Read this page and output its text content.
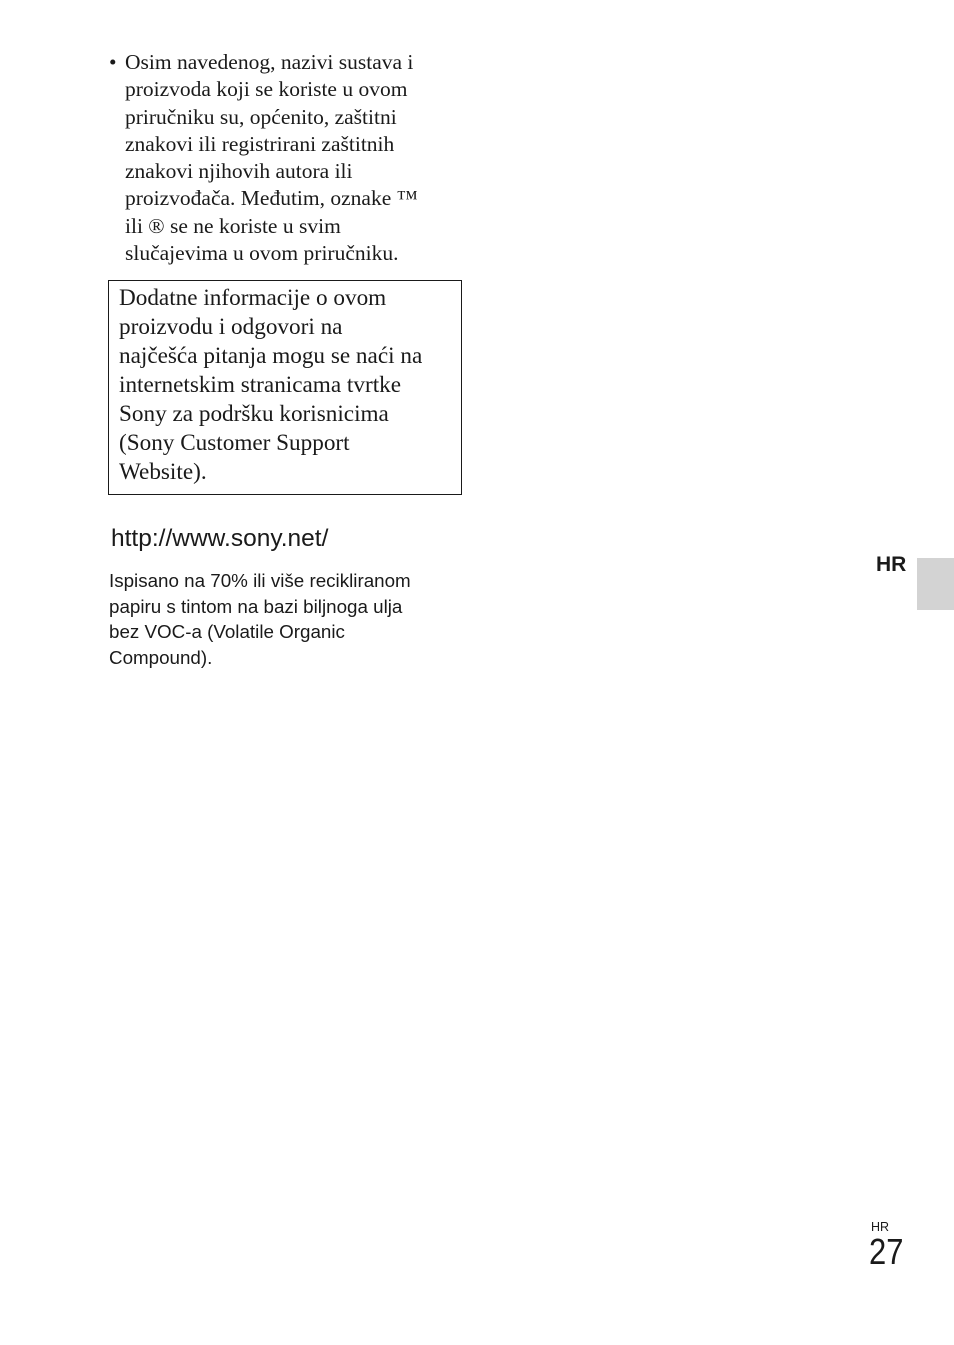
• Osim navedenog, nazivi sustava i
proizvoda koji se koriste u ovom
priručniku su, općenito, zaštitni
znakovi ili registrirani zaštitnih
znakovi njihovih autora ili
proizvođača. Međutim, oznake ™
ili ® se ne koriste u svim
slučajevima u ovom priručniku.
Dodatne informacije o ovom
proizvodu i odgovori na
najčešća pitanja mogu se naći na
internetskim stranicama tvrtke
Sony za podršku korisnicima
(Sony Customer Support
Website).
http://www.sony.net/
Ispisano na 70% ili više recikliranom
papiru s tintom na bazi biljnoga ulja
bez VOC-a (Volatile Organic
Compound).
HR
HR
27
